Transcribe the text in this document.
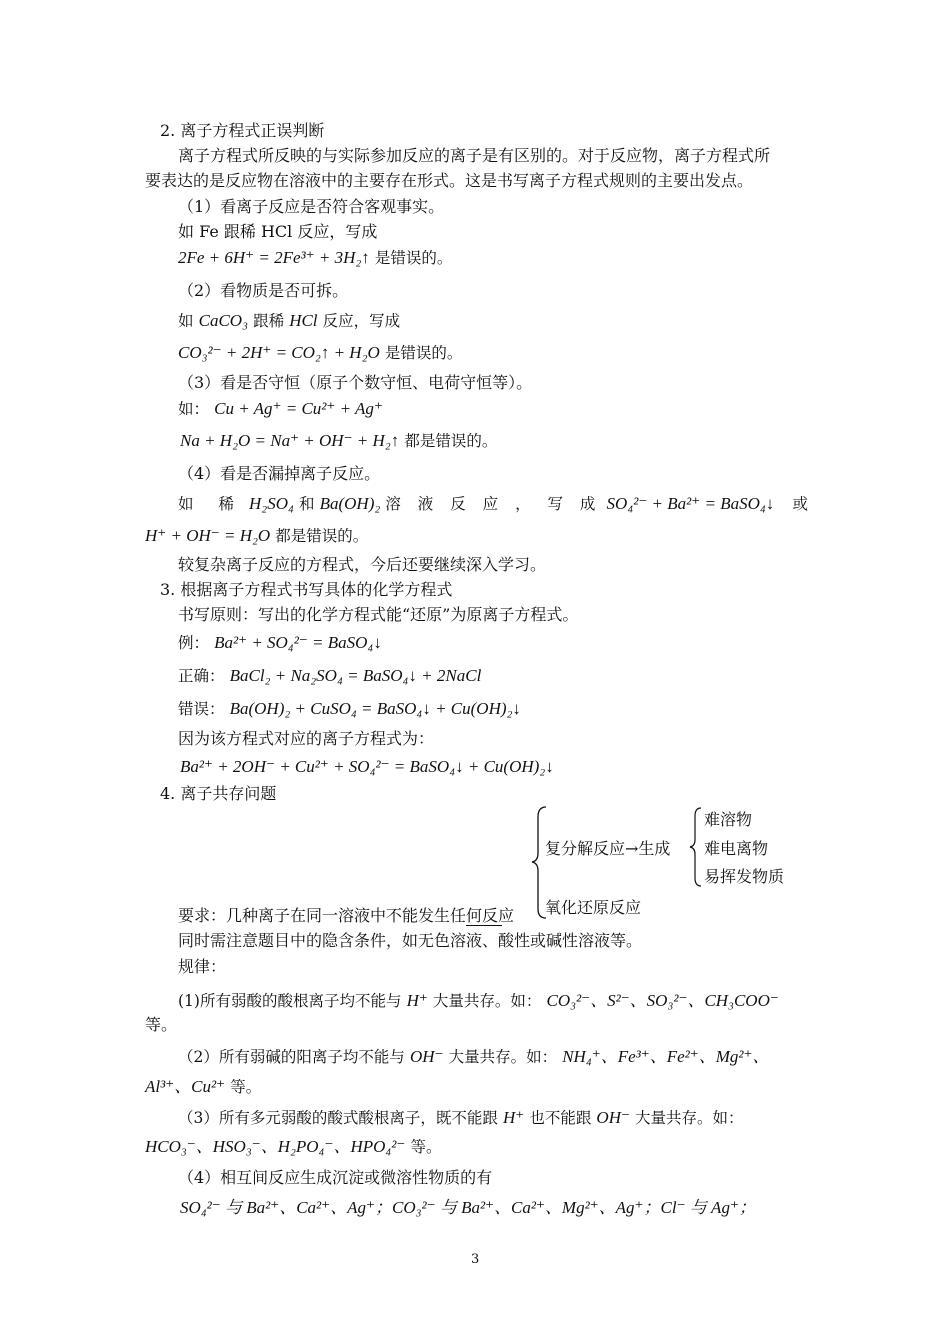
2. 离子方程式正误判断
离子方程式所反映的与实际参加反应的离子是有区别的。对于反应物，离子方程式所
要表达的是反应物在溶液中的主要存在形式。这是书写离子方程式规则的主要出发点。
（1）看离子反应是否符合客观事实。
如 Fe 跟稀 HCl 反应，写成
2Fe + 6H⁺ = 2Fe³⁺ + 3H₂↑ 是错误的。
（2）看物质是否可拆。
如 CaCO₃ 跟稀 HCl 反应，写成
CO₃²⁻ + 2H⁺ = CO₂↑ + H₂O 是错误的。
（3）看是否守恒（原子个数守恒、电荷守恒等）。
如： Cu + Ag⁺ = Cu²⁺ + Ag⁺
Na + H₂O = Na⁺ + OH⁻ + H₂↑ 都是错误的。
（4）看是否漏掉离子反应。
如 稀 H₂SO₄ 和 Ba(OH)₂ 溶 液 反 应 ， 写 成 SO₄²⁻ + Ba²⁺ = BaSO₄↓ 或
H⁺ + OH⁻ = H₂O 都是错误的。
较复杂离子反应的方程式，今后还要继续深入学习。
3. 根据离子方程式书写具体的化学方程式
书写原则：写出的化学方程式能“还原”为原离子方程式。
例： Ba²⁺ + SO₄²⁻ = BaSO₄↓
正确： BaCl₂ + Na₂SO₄ = BaSO₄↓ + 2NaCl
错误： Ba(OH)₂ + CuSO₄ = BaSO₄↓ + Cu(OH)₂↓
因为该方程式对应的离子方程式为：
Ba²⁺ + 2OH⁻ + Cu²⁺ + SO₄²⁻ = BaSO₄↓ + Cu(OH)₂↓
4. 离子共存问题
难溶物
复分解反应→生成 难电离物
易挥发物质
氧化还原反应
要求：几种离子在同一溶液中不能发生任何反应
同时需注意题目中的隐含条件，如无色溶液、酸性或碱性溶液等。
规律：
(1)所有弱酸的酸根离子均不能与 H⁺ 大量共存。如： CO₃²⁻、S²⁻、SO₃²⁻、CH₃COO⁻
等。
（2）所有弱碱的阳离子均不能与 OH⁻ 大量共存。如： NH₄⁺、Fe³⁺、Fe²⁺、Mg²⁺、
Al³⁺、Cu²⁺ 等。
（3）所有多元弱酸的酸式酸根离子，既不能跟 H⁺ 也不能跟 OH⁻ 大量共存。如：
HCO₃⁻、HSO₃⁻、H₂PO₄⁻、HPO₄²⁻ 等。
（4）相互间反应生成沉淀或微溶性物质的有
SO₄²⁻ 与 Ba²⁺、Ca²⁺、Ag⁺；CO₃²⁻ 与 Ba²⁺、Ca²⁺、Mg²⁺、Ag⁺；Cl⁻ 与 Ag⁺；
3
